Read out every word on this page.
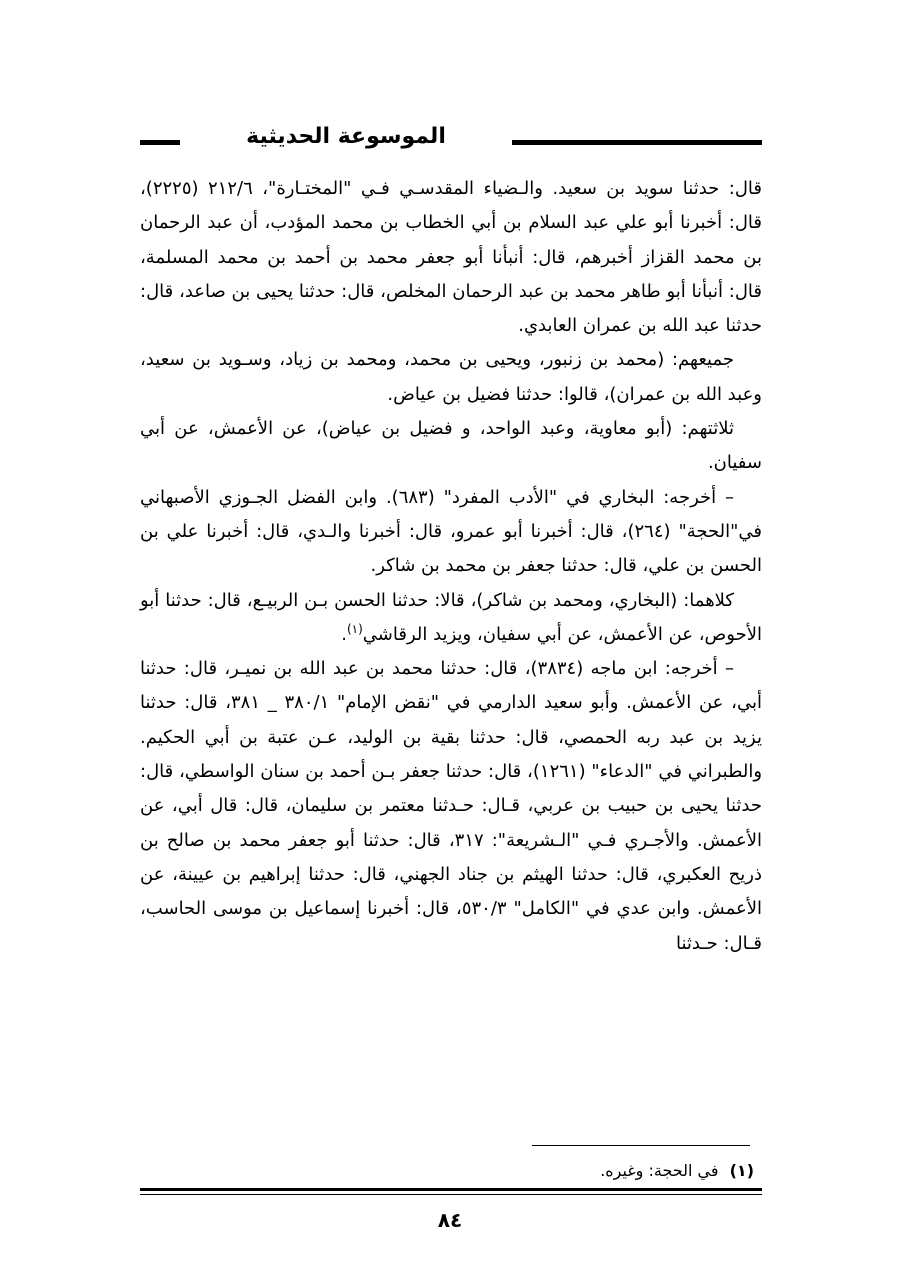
الموسوعة الحديثية

قال: حدثنا سويد بن سعيد. والـضياء المقدسـي فـي "المختـارة"، ٢١٢/٦ (٢٢٢٥)، قال: أخبرنا أبو علي عبد السلام بن أبي الخطاب بن محمد المؤدب، أن عبد الرحمان بن محمد القزاز أخبرهم، قال: أنبأنا أبو جعفر محمد بن أحمد بن محمد المسلمة، قال: أنبأنا أبو طاهر محمد بن عبد الرحمان المخلص، قال: حدثنا يحيى بن صاعد، قال: حدثنا عبد الله بن عمران العابدي.

جميعهم: (محمد بن زنبور، ويحيى بن محمد، ومحمد بن زياد، وسـويد بن سعيد، وعبد الله بن عمران)، قالوا: حدثنا فضيل بن عياض.

ثلاثتهم: (أبو معاوية، وعبد الواحد، و فضيل بن عياض)، عن الأعمش، عن أبي سفيان.

– أخرجه: البخاري في "الأدب المفرد" (٦٨٣). وابن الفضل الجـوزي الأصبهاني في"الحجة" (٢٦٤)، قال: أخبرنا أبو عمرو، قال: أخبرنا والـدي، قال: أخبرنا علي بن الحسن بن علي، قال: حدثنا جعفر بن محمد بن شاكر.

كلاهما: (البخاري، ومحمد بن شاكر)، قالا: حدثنا الحسن بـن الربيـع، قال: حدثنا أبو الأحوص، عن الأعمش، عن أبي سفيان، ويزيد الرقاشي$^{(١)}$.

– أخرجه: ابن ماجه (٣٨٣٤)، قال: حدثنا محمد بن عبد الله بن نميـر، قال: حدثنا أبي، عن الأعمش. وأبو سعيد الدارمي في "نقض الإمام" ٣٨٠/١ _ ٣٨١، قال: حدثنا يزيد بن عبد ربه الحمصي، قال: حدثنا بقية بن الوليد، عـن عتبة بن أبي الحكيم. والطبراني في "الدعاء" (١٢٦١)، قال: حدثنا جعفر بـن أحمد بن سنان الواسطي، قال: حدثنا يحيى بن حبيب بن عربي، قـال: حـدثنا معتمر بن سليمان، قال: قال أبي، عن الأعمش. والأجـري فـي "الـشريعة": ٣١٧، قال: حدثنا أبو جعفر محمد بن صالح بن ذريح العكبري، قال: حدثنا الهيثم بن جناد الجهني، قال: حدثنا إبراهيم بن عيينة، عن الأعمش. وابن عدي في "الكامل" ٥٣٠/٣، قال: أخبرنا إسماعيل بن موسى الحاسب، قـال: حـدثنا

(١) في الحجة: وغيره.
٨٤
